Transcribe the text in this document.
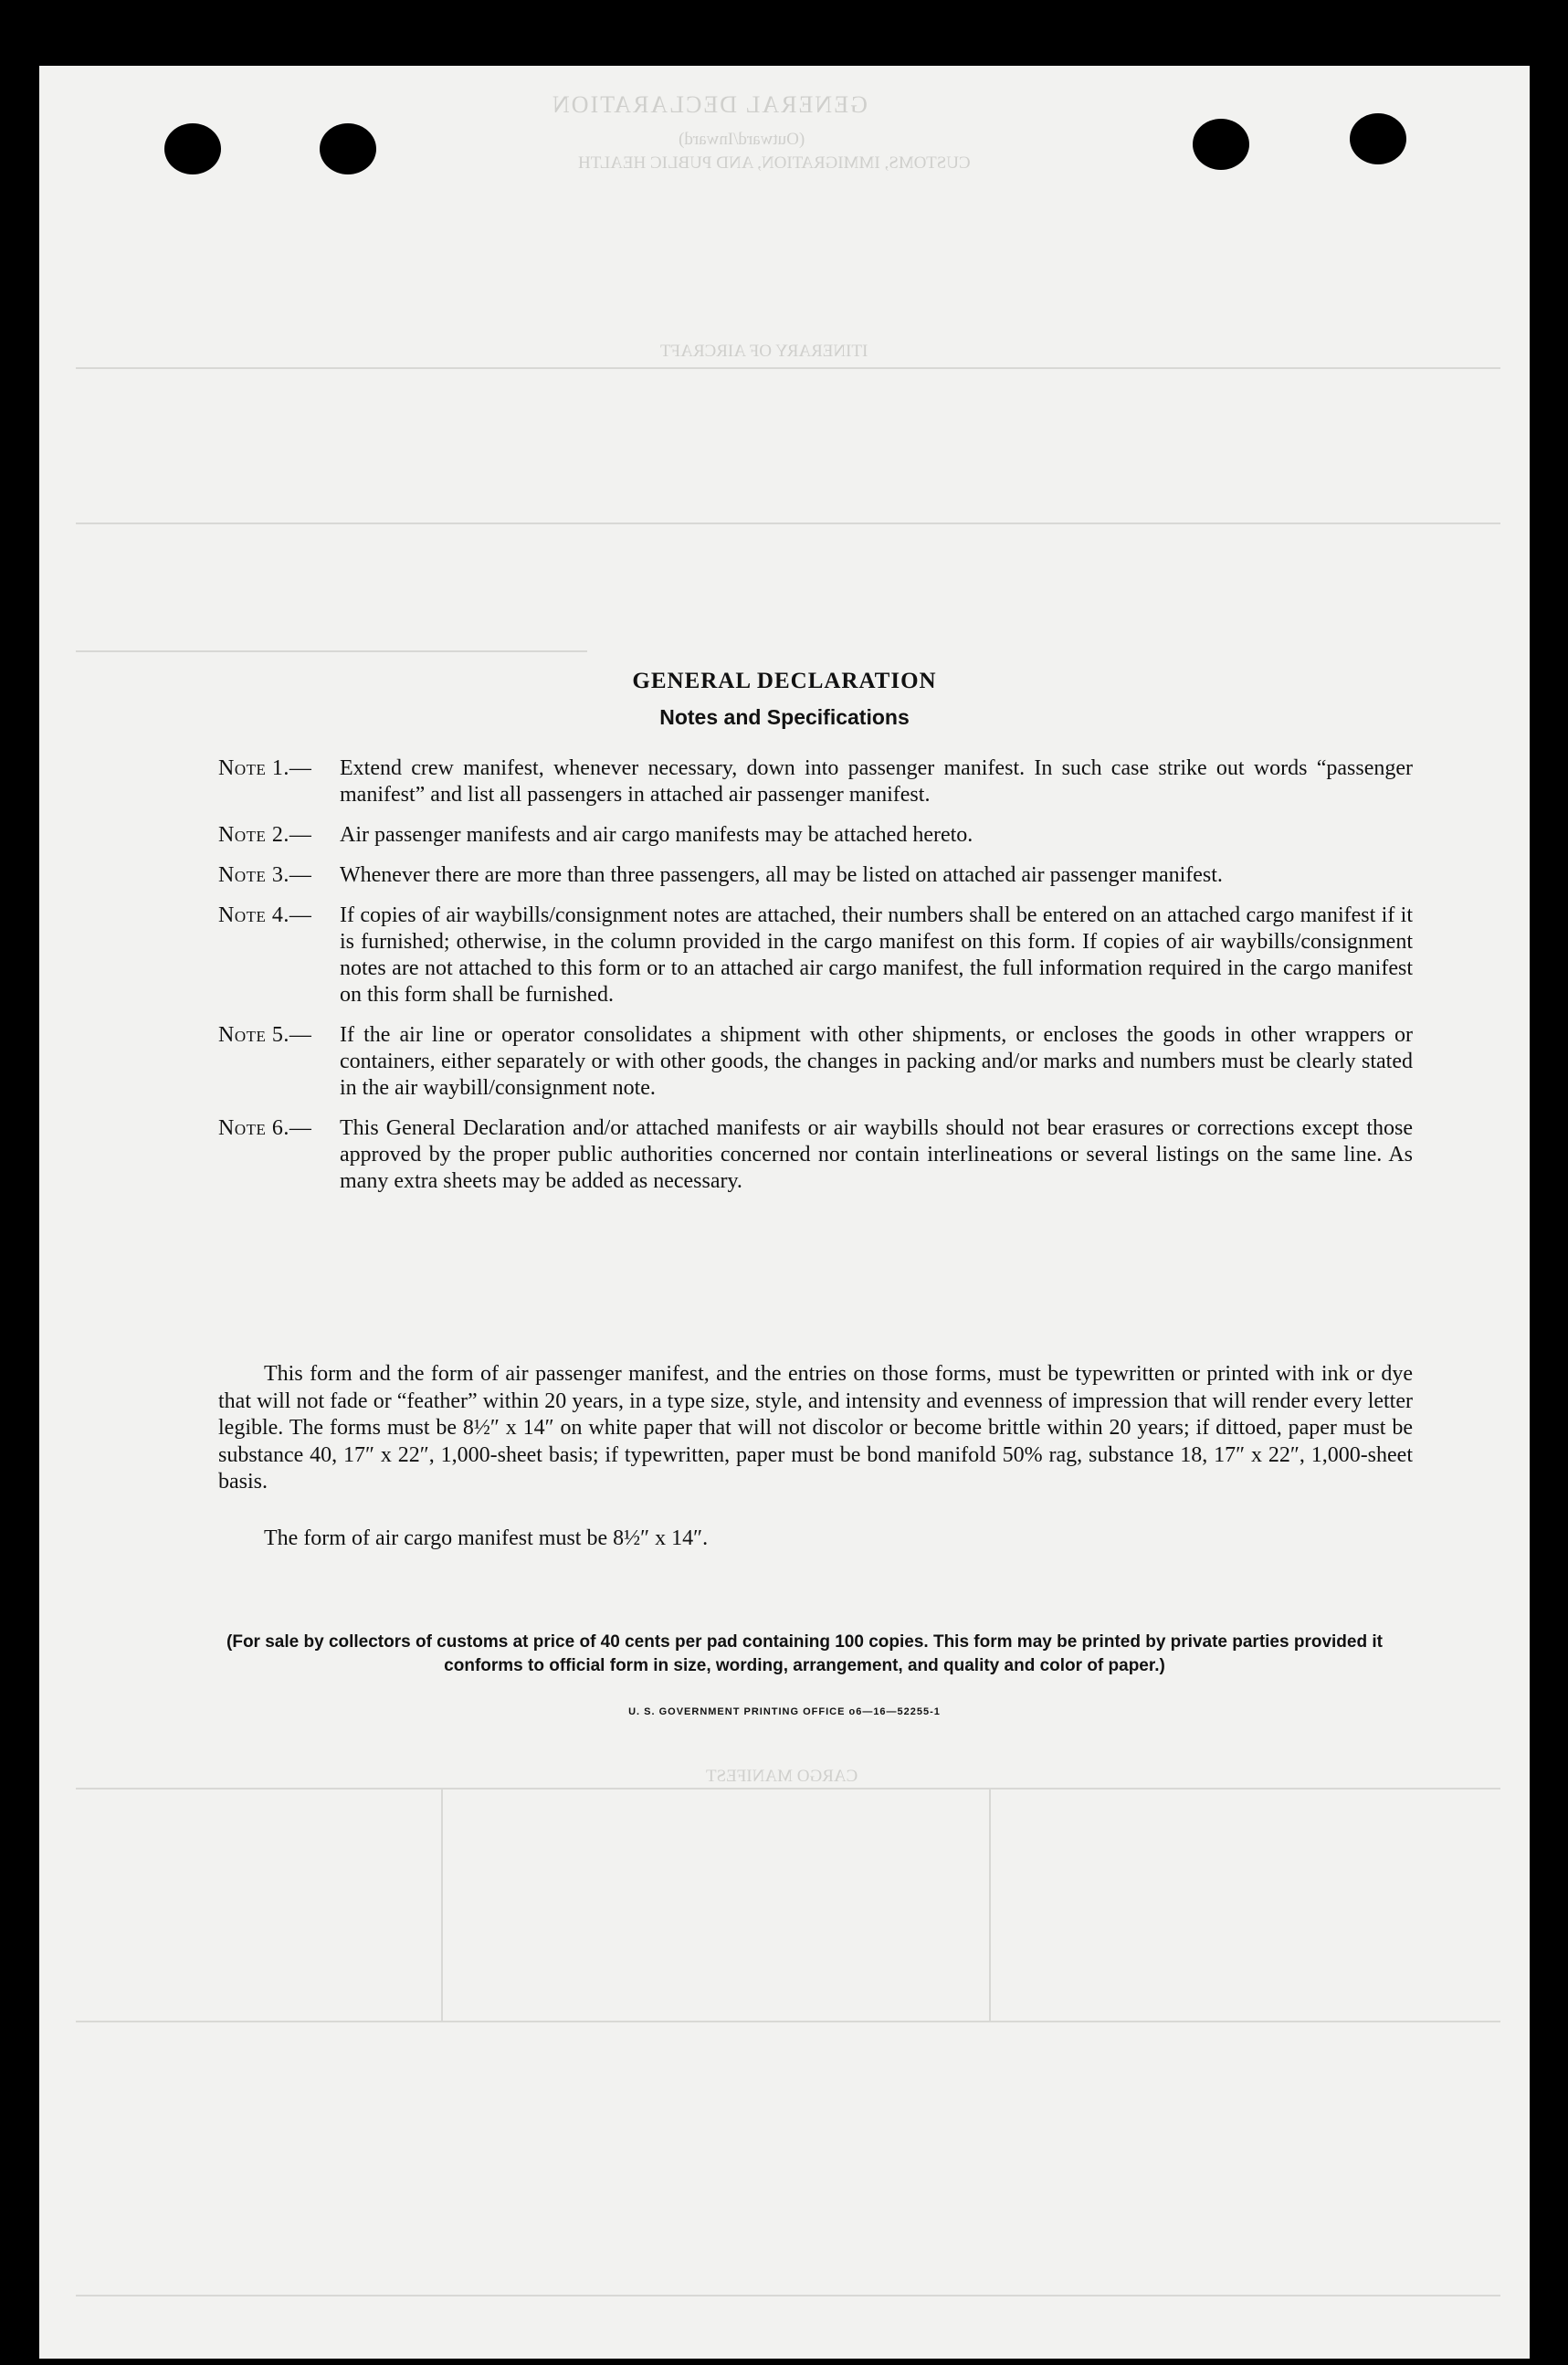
GENERAL DECLARATION
(Outward/Inward)
CUSTOMS, IMMIGRATION, AND PUBLIC HEALTH
ITINERARY OF AIRCRAFT
CARGO MANIFEST
GENERAL DECLARATION
Notes and Specifications
Note 1.— Extend crew manifest, whenever necessary, down into passenger manifest. In such case strike out words “passenger manifest” and list all passengers in attached air passenger manifest.
Note 2.— Air passenger manifests and air cargo manifests may be attached hereto.
Note 3.— Whenever there are more than three passengers, all may be listed on attached air passenger manifest.
Note 4.— If copies of air waybills/consignment notes are attached, their numbers shall be entered on an attached cargo manifest if it is furnished; otherwise, in the column provided in the cargo manifest on this form. If copies of air waybills/consignment notes are not attached to this form or to an attached air cargo manifest, the full information required in the cargo manifest on this form shall be furnished.
Note 5.— If the air line or operator consolidates a shipment with other shipments, or encloses the goods in other wrappers or containers, either separately or with other goods, the changes in packing and/or marks and numbers must be clearly stated in the air waybill/consignment note.
Note 6.— This General Declaration and/or attached manifests or air waybills should not bear erasures or corrections except those approved by the proper public authorities concerned nor contain interlineations or several listings on the same line. As many extra sheets may be added as necessary.
This form and the form of air passenger manifest, and the entries on those forms, must be typewritten or printed with ink or dye that will not fade or “feather” within 20 years, in a type size, style, and intensity and evenness of impression that will render every letter legible. The forms must be 8½″ x 14″ on white paper that will not discolor or become brittle within 20 years; if dittoed, paper must be substance 40, 17″ x 22″, 1,000-sheet basis; if typewritten, paper must be bond manifold 50% rag, substance 18, 17″ x 22″, 1,000-sheet basis.
The form of air cargo manifest must be 8½″ x 14″.
(For sale by collectors of customs at price of 40 cents per pad containing 100 copies. This form may be printed by private parties provided it conforms to official form in size, wording, arrangement, and quality and color of paper.)
U. S. GOVERNMENT PRINTING OFFICE o6—16—52255-1
